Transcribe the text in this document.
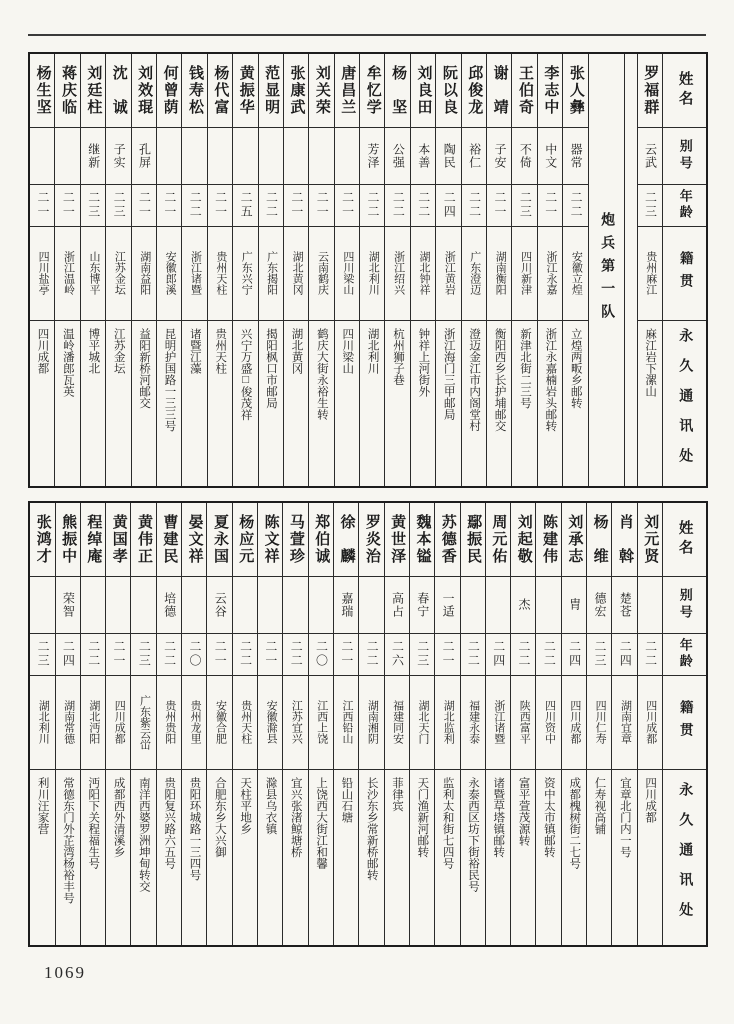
姓名
别号
年龄
籍贯
永久通讯处
罗福群
云武
二三
贵州麻江
麻江岩下漯山
炮兵第一队
张人彝
器常
二二
安徽立煌
立煌两畈乡邮转
李志中
中文
二一
浙江永嘉
浙江永嘉楠岩头邮转
王伯奇
不倚
二三
四川新津
新津北街二三号
谢　靖
子安
二一
湖南衡阳
衡阳西乡长护埔邮交
邱俊龙
裕仁
二二
广东澄迈
澄迈金江市内阁堂村
阮以良
陶民
二四
浙江黄岩
浙江海门三甲邮局
刘良田
本善
二二
湖北钟祥
钟祥上河街外
杨　坚
公强
二二
浙江绍兴
杭州狮子巷
牟忆学
芳泽
二二
湖北利川
湖北利川
唐昌兰
二一
四川梁山
四川梁山
刘关荣
二一
云南鹤庆
鹤庆大街永裕生转
张康武
二一
湖北黄冈
湖北黄冈
范显明
二二
广东揭阳
揭阳枫口市邮局
黄振华
二五
广东兴宁
兴宁万盛□俊茂祥
杨代富
二一
贵州天柱
贵州天柱
钱寿松
二二
浙江诸暨
诸暨江藻
何曾荫
二一
安徽郎溪
昆明护国路一三三号
刘效琨
孔屏
二一
湖南益阳
益阳新桥河邮交
沈　诚
子实
二三
江苏金坛
江苏金坛
刘廷柱
继新
二三
山东博平
博平城北
蒋庆临
二一
浙江温岭
温岭潘郎瓦英
杨生坚
二一
四川盐亭
四川成都
姓名
别号
年龄
籍贯
永久通讯处
刘元贤
二二
四川成都
四川成都
肖　斡
楚苍
二四
湖南宜章
宜章北门内一号
杨　维
德宏
二三
四川仁寿
仁寿视高铺
刘承志
胄
二四
四川成都
成都槐树街二七号
陈建伟
二二
四川资中
资中太市镇邮转
刘起敬
杰
二二
陕西富平
富平萱茂源转
周元佑
二四
浙江诸暨
诸暨草塔镇邮转
鄢振民
二二
福建永泰
永泰西区坊下街裕民号
苏德香
一适
二一
湖北监利
监利太和街七四号
魏本镒
春宁
二三
湖北天门
天门渔新河邮转
黄世泽
高占
二六
福建同安
菲律宾
罗炎治
二二
湖南湘阴
长沙东乡常新桥邮转
徐　麟
嘉瑞
二一
江西铅山
铅山石塘
郑伯诚
二〇
江西上饶
上饶西大街江和馨
马萱珍
二二
江苏宜兴
宜兴张渚鲸塘桥
陈文祥
二一
安徽滁县
滁县乌衣镇
杨应元
二二
贵州天柱
天柱平地乡
夏永国
云谷
二一
安徽合肥
合肥东乡大兴御
晏文祥
二〇
贵州龙里
贵阳环城路一三四号
曹建民
培德
二二
贵州贵阳
贵阳复兴路六五号
黄伟正
二三
广东紫云峃
南洋西婆罗洲坤甸转交
黄国孝
二一
四川成都
成都西外清溪乡
程绰庵
二二
湖北沔阳
沔阳下关程福生号
熊振中
荣智
二四
湖南常德
常德东门外芷湾杨裕丰号
张鸿才
二三
湖北利川
利川汪家营
1069
